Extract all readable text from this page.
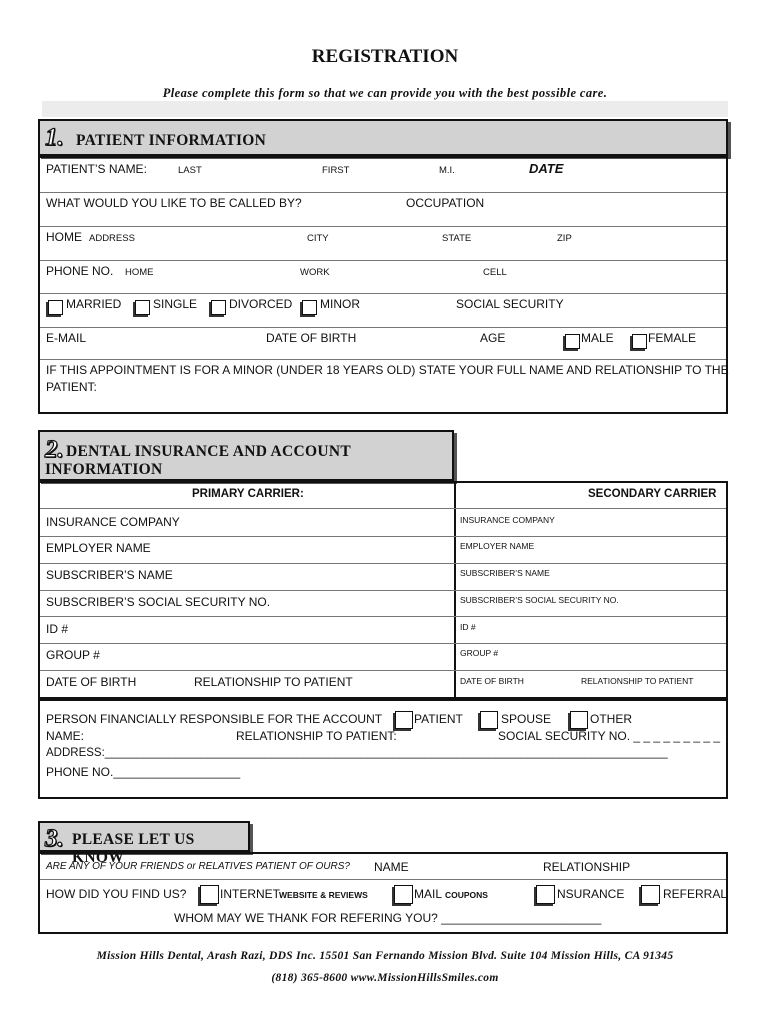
REGISTRATION
Please complete this form so that we can provide you with the best possible care.
1. PATIENT INFORMATION
PATIENT’S NAME:	LAST	FIRST	M.I.	DATE
WHAT WOULD YOU LIKE TO BE CALLED BY?	OCCUPATION
HOME ADDRESS	CITY	STATE	ZIP
PHONE NO. HOME	WORK	CELL
MARRIED	SINGLE	DIVORCED MINOR	SOCIAL SECURITY
E-MAIL	DATE OF BIRTH	AGE	MALE	FEMALE
IF THIS APPOINTMENT IS FOR A MINOR (UNDER 18 YEARS OLD) STATE YOUR FULL NAME AND RELATIONSHIP TO THE
PATIENT:
2. DENTAL INSURANCE AND ACCOUNT
INFORMATION
PRIMARY CARRIER:	SECONDARY CARRIER
INSURANCE COMPANY	INSURANCE COMPANY
EMPLOYER NAME	EMPLOYER NAME
SUBSCRIBER’S NAME	SUBSCRIBER’S NAME
SUBSCRIBER’S SOCIAL SECURITY NO.	SUBSCRIBER’S SOCIAL SECURITY NO.
ID #	ID #
GROUP #	GROUP #
DATE OF BIRTH	RELATIONSHIP TO PATIENT	DATE OF BIRTH	RELATIONSHIP TO PATIENT
PERSON FINANCIALLY RESPONSIBLE FOR THE ACCOUNT	PATIENT	SPOUSE	OTHER
NAME:	RELATIONSHIP TO PATIENT:	SOCIAL SECURITY NO. _ _ _ _ _ _ _ _ _
ADDRESS:________________________________________________________________________________________
PHONE NO.___________________
3. PLEASE LET US KNOW
ARE ANY OF YOUR FRIENDS or RELATIVES PATIENT OF OURS? NAME	RELATIONSHIP
HOW DID YOU FIND US?	INTERNET WEBSITE & REVIEWS	MAIL COUPONS	NSURANCE	REFERRAL
WHOM MAY WE THANK FOR REFERING YOU? ________________________
Mission Hills Dental, Arash Razi, DDS Inc. 15501 San Fernando Mission Blvd. Suite 104 Mission Hills, CA 91345
(818) 365-8600 www.MissionHillsSmiles.com
